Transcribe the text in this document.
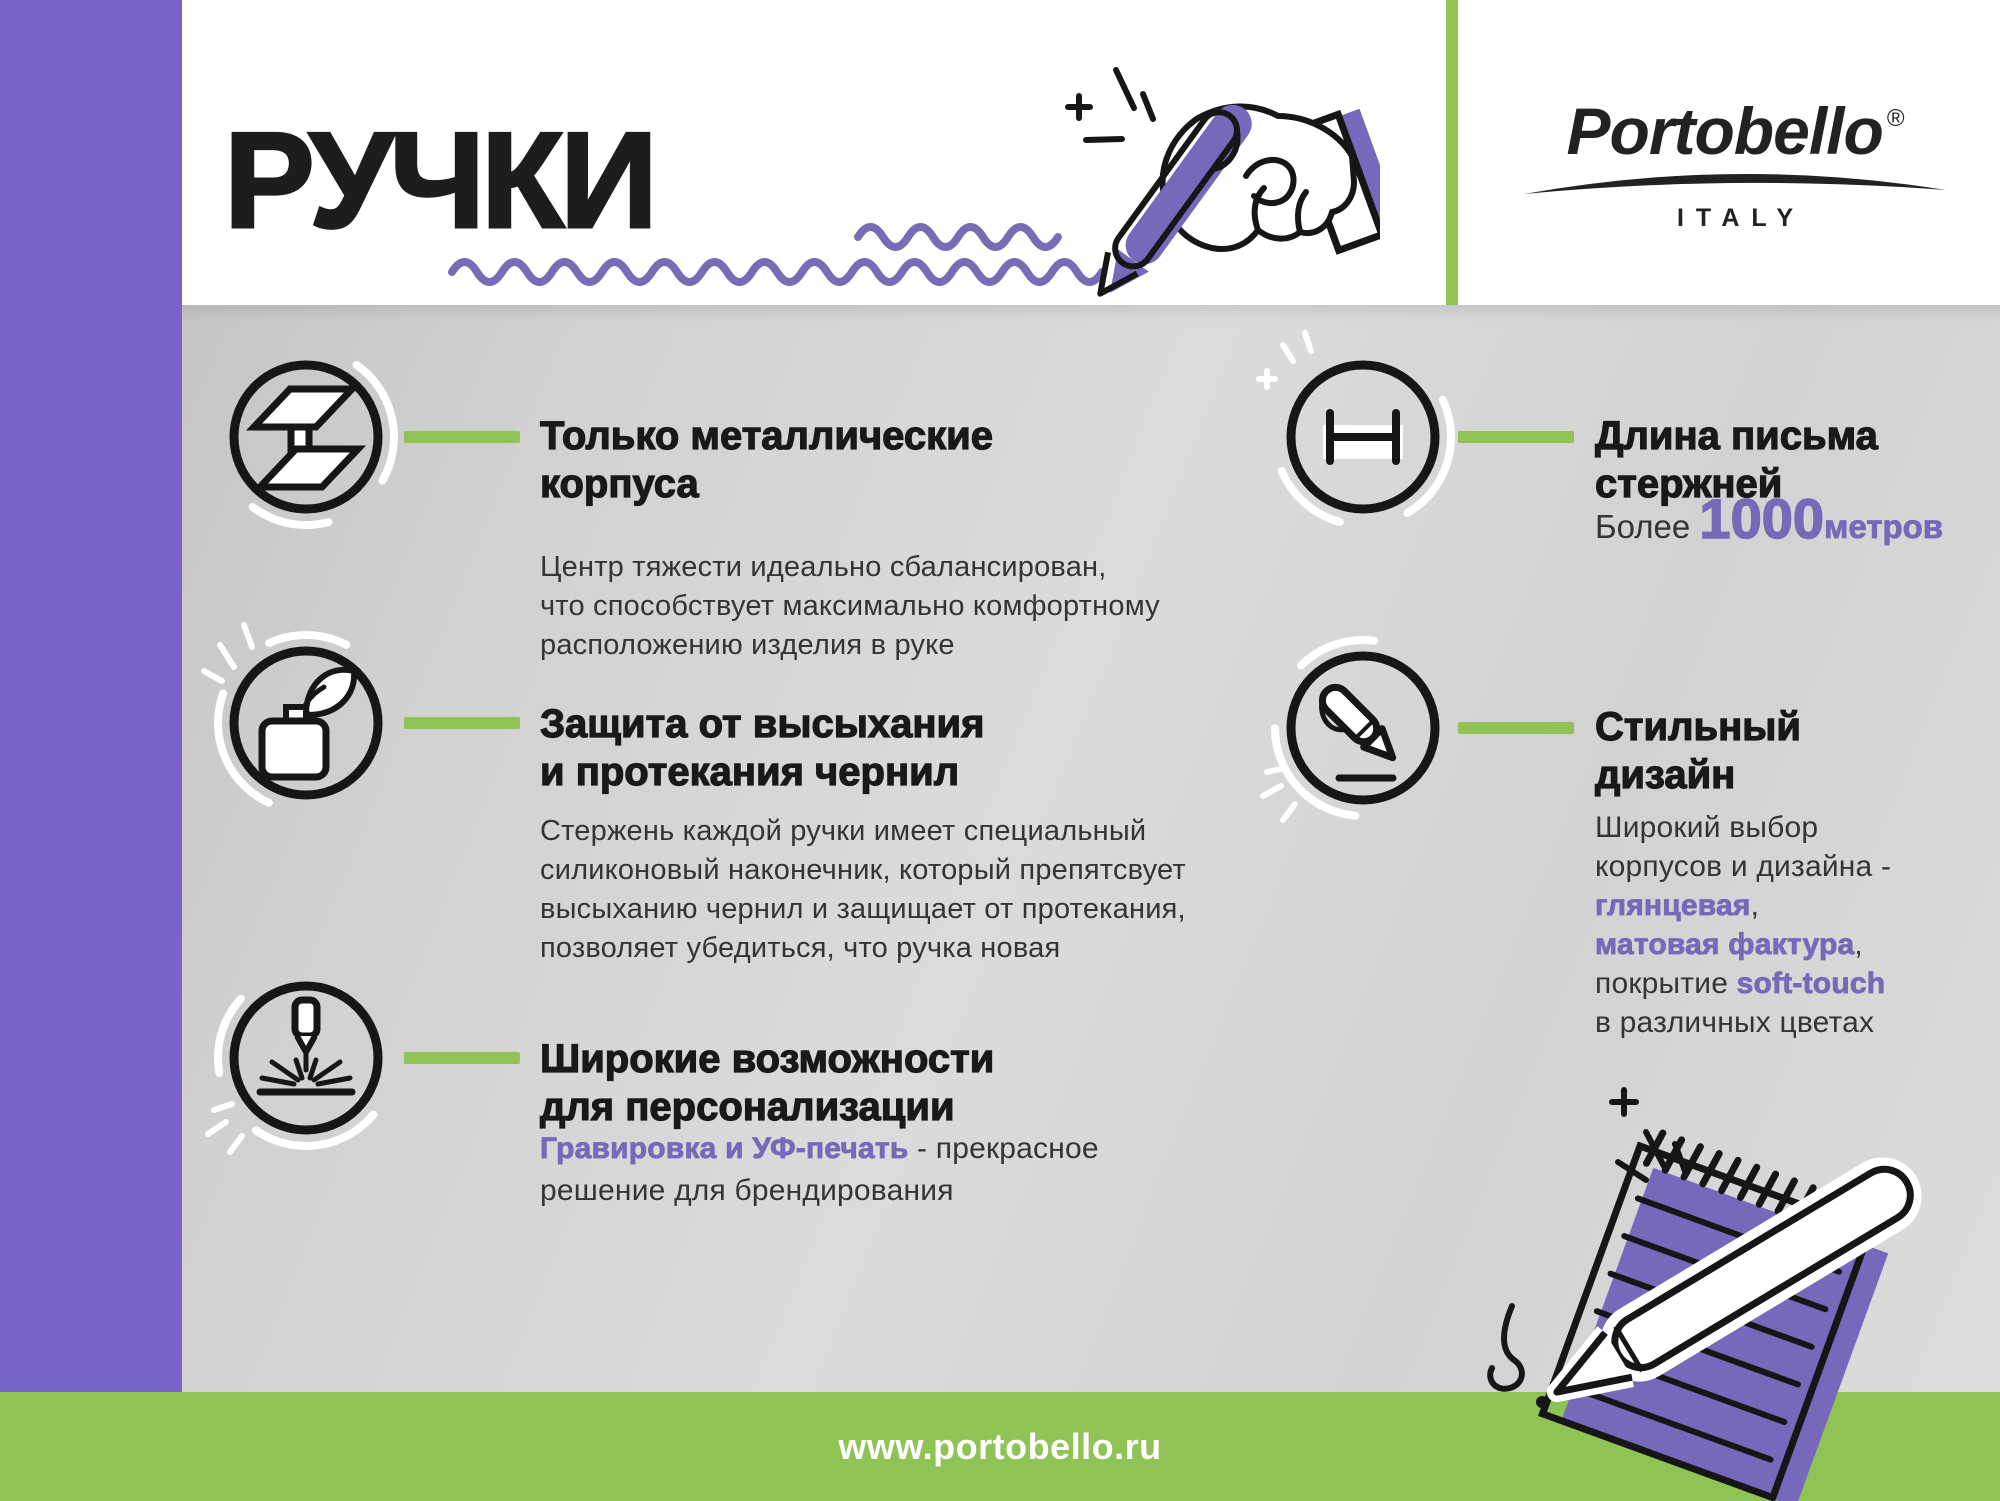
РУЧКИ	Portobello ®
ITALY
Только металлические
корпуса
Центр тяжести идеально сбалансирован,
что способствует максимально комфортному
расположению изделия в руке
Защита от высыхания
и протекания чернил
Стержень каждой ручки имеет специальный
силиконовый наконечник, который препятсвует
высыханию чернил и защищает от протекания,
позволяет убедиться, что ручка новая
Широкие возможности
для персонализации
Гравировка и УФ-печать - прекрасное
решение для брендирования
Длина письма
стержней
Более 1000метров
Стильный
дизайн
Широкий выбор
корпусов и дизайна -
глянцевая,
матовая фактура,
покрытие soft-touch
в различных цветах
www.portobello.ru
